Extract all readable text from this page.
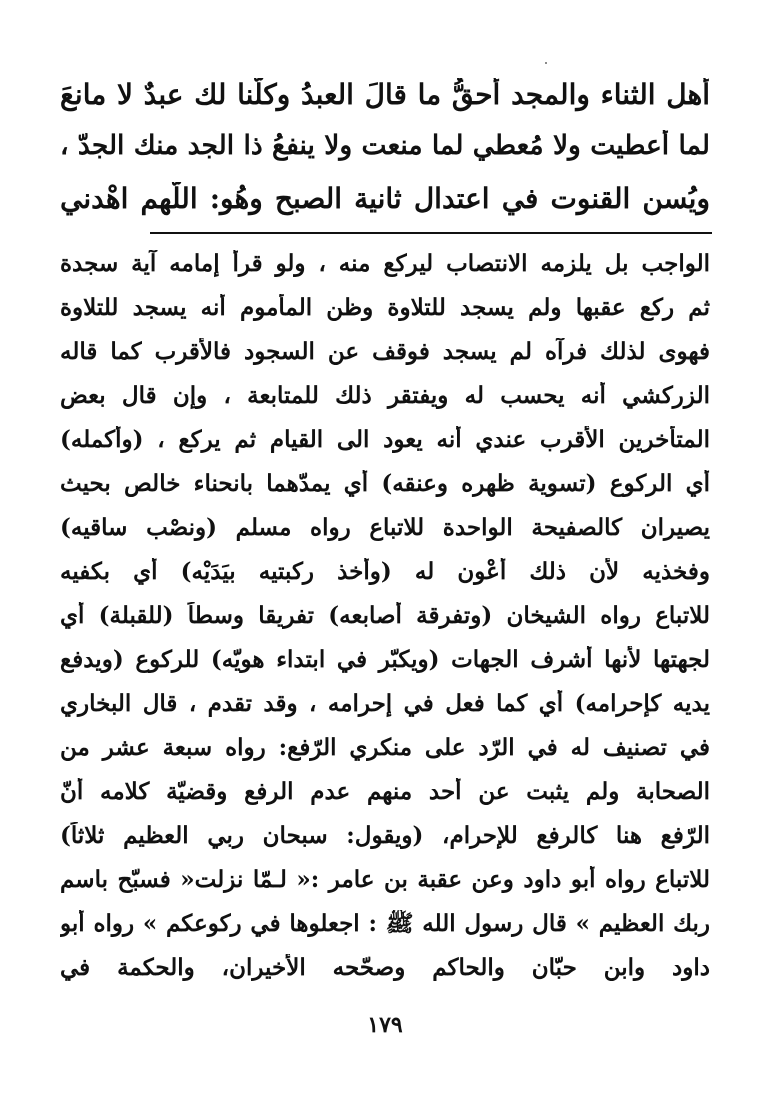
أهل الثناء والمجد أحقُّ ما قالَ العبدُ وكلُّنا لك عبدٌ لا مانعَ
لما أعطيت ولا مُعطي لما منعت ولا ينفعُ ذا الجد منك الجدّ ،
ويُسن القنوت في اعتدال ثانية الصبح وهُو: اللّهم اهْدني
الواجب بل يلزمه الانتصاب ليركع منه ، ولو قرأ إمامه آية سجدة
ثم ركع عقبها ولم يسجد للتلاوة وظن المأموم أنه يسجد للتلاوة
فهوى لذلك فرآه لم يسجد فوقف عن السجود فالأقرب كما قاله
الزركشي أنه يحسب له ويفتقر ذلك للمتابعة ، وإن قال بعض
المتأخرين الأقرب عندي أنه يعود الى القيام ثم يركع ، (وأكمله)
أي الركوع (تسوية ظهره وعنقه) أي يمدّهما بانحناء خالص بحيث
يصيران كالصفيحة الواحدة للاتباع رواه مسلم (ونصْب ساقيه)
وفخذيه لأن ذلك أعْون له (وأخذ ركبتيه بيَدَيْه) أي بكفيه
للاتباع رواه الشيخان (وتفرقة أصابعه) تفريقا وسطاً (للقبلة) أي
لجهتها لأنها أشرف الجهات (ويكبّر في ابتداء هويّه) للركوع (ويدفع
يديه كإحرامه) أي كما فعل في إحرامه ، وقد تقدم ، قال البخاري
في تصنيف له في الرّد على منكري الرّفع: رواه سبعة عشر من
الصحابة ولم يثبت عن أحد منهم عدم الرفع وقضيّة كلامه أنّ
الرّفع هنا كالرفع للإحرام، (ويقول: سبحان ربي العظيم ثلاثاً)
للاتباع رواه أبو داود وعن عقبة بن عامر :« لـمّا نزلت« فسبّح باسم
ربك العظيم » قال رسول الله ﷺ : اجعلوها في ركوعكم » رواه أبو
داود وابن حبّان والحاكم وصحّحه الأخيران، والحكمة في
١٧٩
